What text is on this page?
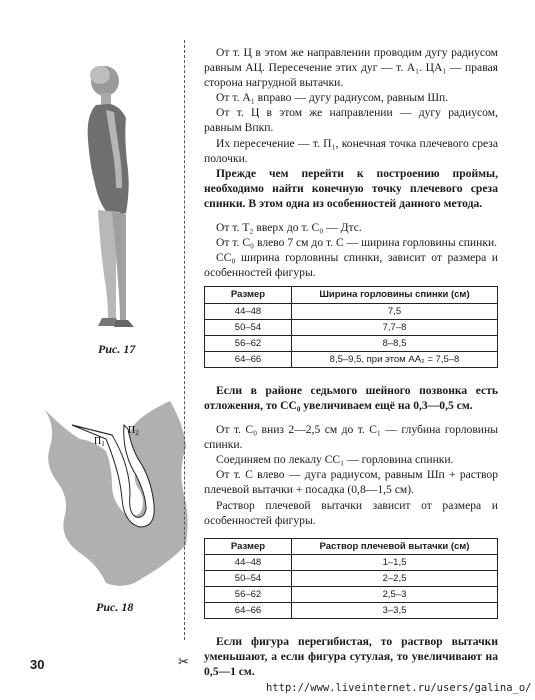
Рис. 17
$П_1$
$П_2$
Рис. 18
✂

От т. Ц в этом же направлении проводим дугу радиусом равным АЦ. Пересечение этих дуг — т. А₁. ЦА₁ — правая сторона нагрудной вытачки.

От т. А₁ вправо — дугу радиусом, равным Шп.

От т. Ц в этом же направлении — дугу радиусом, равным Впкп.

Их пересечение — т. П₁, конечная точка плечевого среза полочки.

Прежде чем перейти к построению проймы, необходимо найти конечную точку плечевого среза спинки. В этом одна из особенностей данного метода.

От т. Т₂ вверх до т. С₀ — Дтс.

От т. С₀ влево 7 см до т. С — ширина горловины спинки.

СС₀ ширина горловины спинки, зависит от размера и особенностей фигуры.

Размер	Ширина горловины спинки (см)
44–48	7,5
50–54	7,7–8
56–62	8–8,5
64–66	8,5–9,5, при этом АА₂ = 7,5–8

Если в районе седьмого шейного позвонка есть отложения, то СС₀ увеличиваем ещё на 0,3—0,5 см.

От т. С₀ вниз 2—2,5 см до т. С₁ — глубина горловины спинки.

Соединяем по лекалу СС₁ — горловина спинки.

От т. С влево — дуга радиусом, равным Шп + раствор плечевой вытачки + посадка (0,8—1,5 см).

Раствор плечевой вытачки зависит от размера и особенностей фигуры.

Размер	Раствор плечевой вытачки (см)
44–48	1–1,5
50–54	2–2,5
56–62	2,5–3
64–66	3–3,5

Если фигура перегибистая, то раствор вытачки уменьшают, а если фигура сутулая, то увеличивают на 0,5—1 см.

30
http://www.liveinternet.ru/users/galina_o/
